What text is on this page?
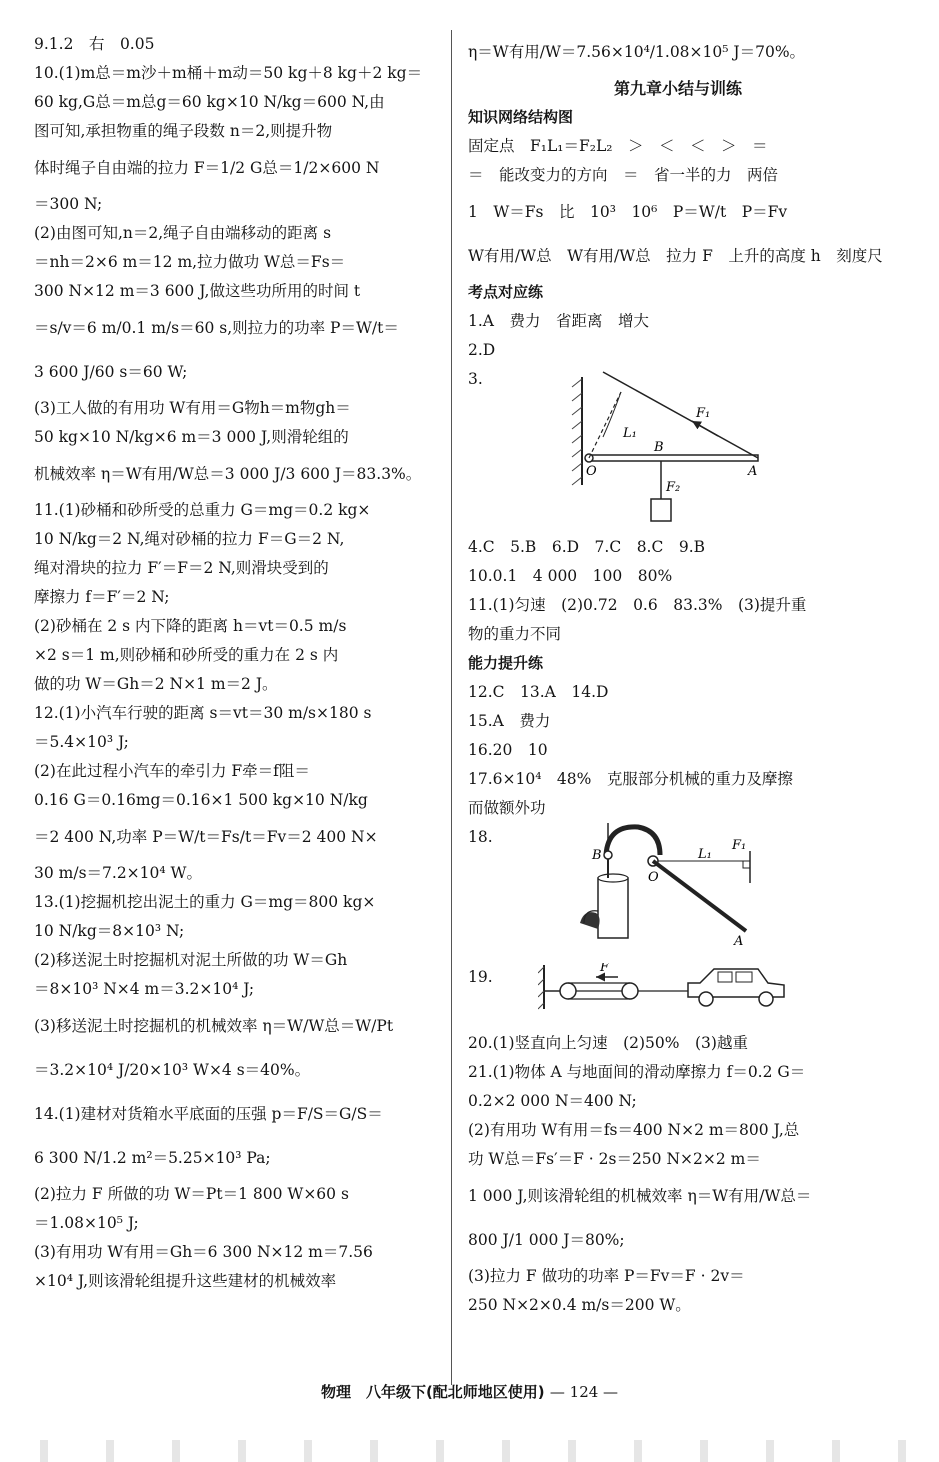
9.1.2　右　0.05
10.(1)m总＝m沙＋m桶＋m动＝50 kg＋8 kg＋2 kg＝
60 kg,G总＝m总g＝60 kg×10 N/kg＝600 N,由
图可知,承担物重的绳子段数 n＝2,则提升物
体时绳子自由端的拉力 F＝1/2 G总＝1/2×600 N
＝300 N;
(2)由图可知,n＝2,绳子自由端移动的距离 s
＝nh＝2×6 m＝12 m,拉力做功 W总＝Fs＝
300 N×12 m＝3 600 J,做这些功所用的时间 t
＝s/v＝6 m/0.1 m/s＝60 s,则拉力的功率 P＝W/t＝
3 600 J/60 s＝60 W;
(3)工人做的有用功 W有用＝G物h＝m物gh＝
50 kg×10 N/kg×6 m＝3 000 J,则滑轮组的
机械效率 η＝W有用/W总＝3 000 J/3 600 J＝83.3%。
11.(1)砂桶和砂所受的总重力 G＝mg＝0.2 kg×
10 N/kg＝2 N,绳对砂桶的拉力 F＝G＝2 N,
绳对滑块的拉力 F′＝F＝2 N,则滑块受到的
摩擦力 f＝F′＝2 N;
(2)砂桶在 2 s 内下降的距离 h＝vt＝0.5 m/s
×2 s＝1 m,则砂桶和砂所受的重力在 2 s 内
做的功 W＝Gh＝2 N×1 m＝2 J。
12.(1)小汽车行驶的距离 s＝vt＝30 m/s×180 s
＝5.4×10³ J;
(2)在此过程小汽车的牵引力 F牵＝f阻＝
0.16 G＝0.16mg＝0.16×1 500 kg×10 N/kg
＝2 400 N,功率 P＝W/t＝Fs/t＝Fv＝2 400 N×
30 m/s＝7.2×10⁴ W。
13.(1)挖掘机挖出泥土的重力 G＝mg＝800 kg×
10 N/kg＝8×10³ N;
(2)移送泥土时挖掘机对泥土所做的功 W＝Gh
＝8×10³ N×4 m＝3.2×10⁴ J;
(3)移送泥土时挖掘机的机械效率 η＝W/W总＝W/Pt
＝3.2×10⁴ J/20×10³ W×4 s＝40%。
14.(1)建材对货箱水平底面的压强 p＝F/S＝G/S＝
6 300 N/1.2 m²＝5.25×10³ Pa;
(2)拉力 F 所做的功 W＝Pt＝1 800 W×60 s
＝1.08×10⁵ J;
(3)有用功 W有用＝Gh＝6 300 N×12 m＝7.56
×10⁴ J,则该滑轮组提升这些建材的机械效率
η＝W有用/W＝7.56×10⁴/1.08×10⁵ J＝70%。
第九章小结与训练
知识网络结构图
固定点　F₁L₁＝F₂L₂　＞　＜　＜　＞　＝
＝　能改变力的方向　＝　省一半的力　两倍
1　W＝Fs　比　10³　10⁶　P＝W/t　P＝Fv
W有用/W总　W有用/W总　拉力 F　上升的高度 h　刻度尺
考点对应练
1.A　费力　省距离　增大
2.D
3.
F₁
L₁
B
O	A
F₂
4.C　5.B　6.D　7.C　8.C　9.B
10.0.1　4 000　100　80%
11.(1)匀速　(2)0.72　0.6　83.3%　(3)提升重
物的重力不同
能力提升练
12.C　13.A　14.D
15.A　费力
16.20　10
17.6×10⁴　48%　克服部分机械的重力及摩擦
而做额外功
18.
F₁
B
O
L₁
F₁
A
19.
F
20.(1)竖直向上匀速　(2)50%　(3)越重
21.(1)物体 A 与地面间的滑动摩擦力 f＝0.2 G＝
0.2×2 000 N＝400 N;
(2)有用功 W有用＝fs＝400 N×2 m＝800 J,总
功 W总＝Fs′＝F · 2s＝250 N×2×2 m＝
1 000 J,则该滑轮组的机械效率 η＝W有用/W总＝
800 J/1 000 J＝80%;
(3)拉力 F 做功的功率 P＝Fv＝F · 2v＝
250 N×2×0.4 m/s＝200 W。
物理　八年级下(配北师地区使用) — 124 —
